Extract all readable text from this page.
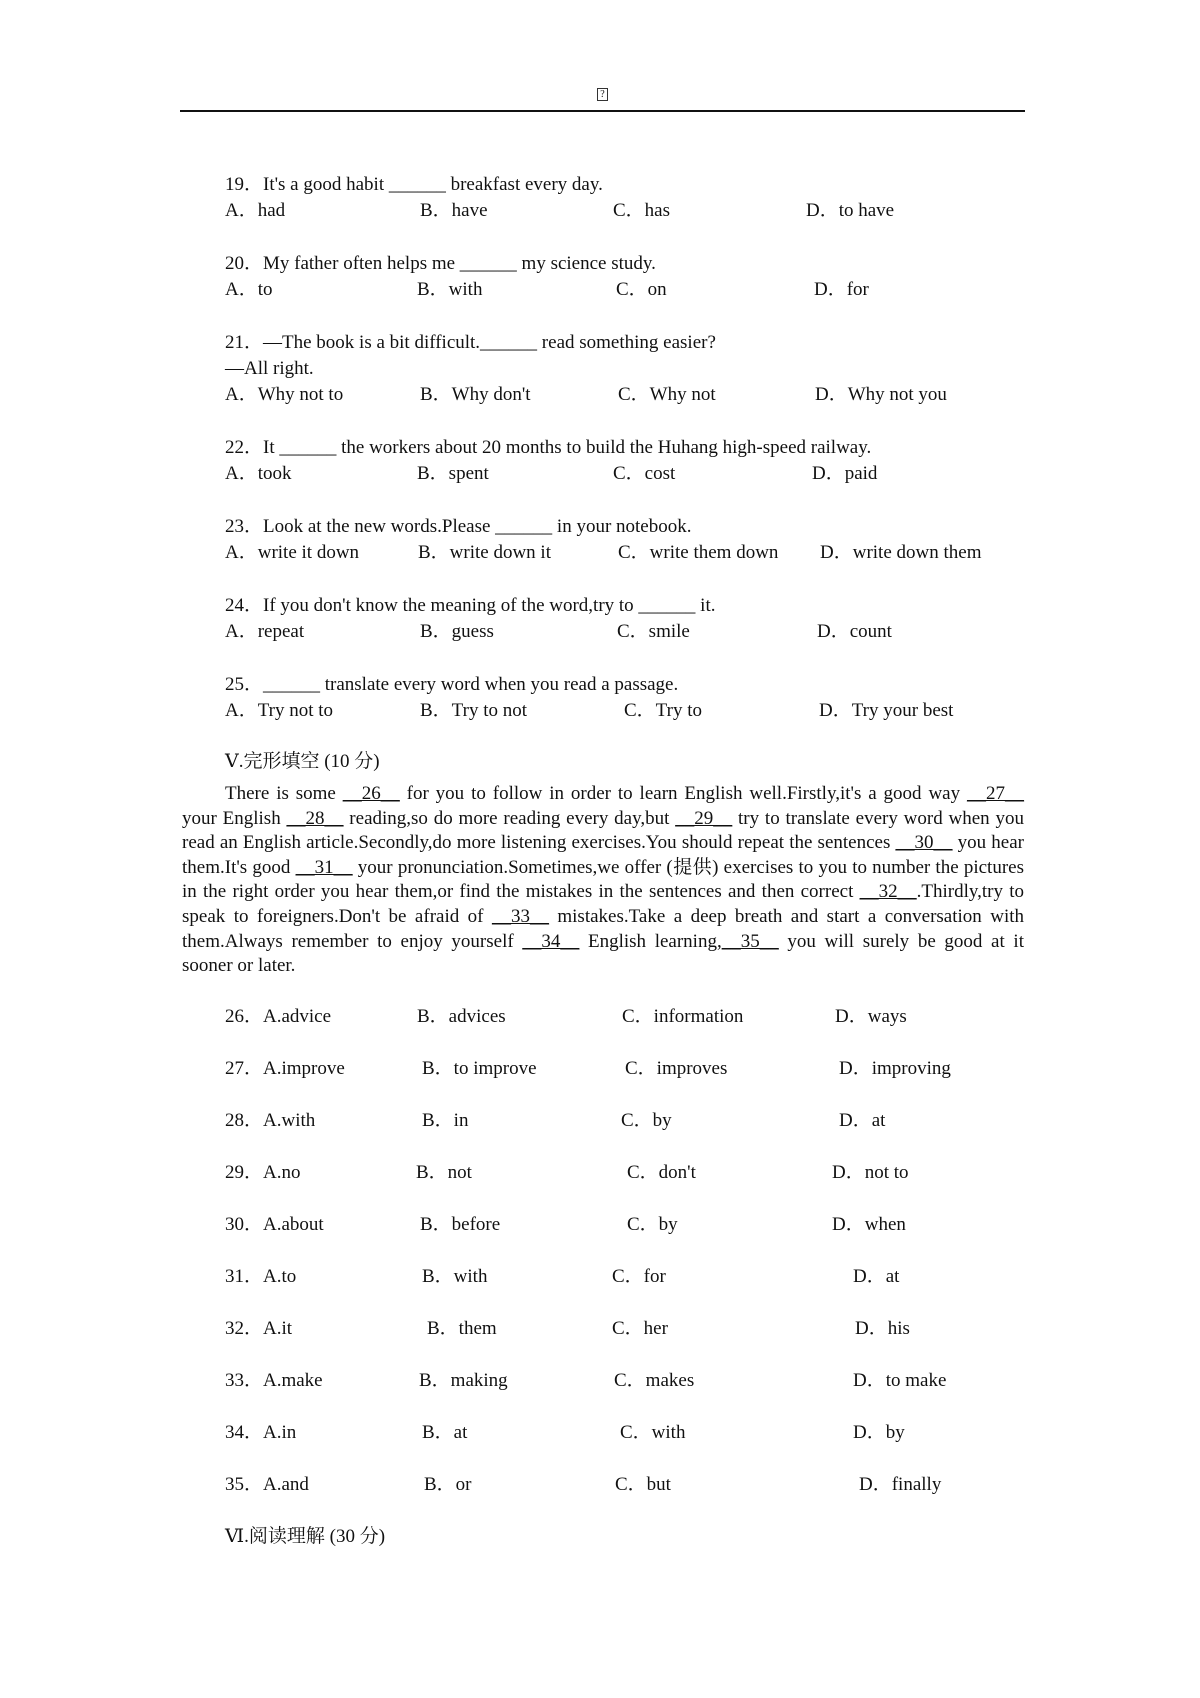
?
19．It's a good habit ______ breakfast every day.
A．had	B．have	C．has	D．to have
20．My father often helps me ______ my science study.
A．to	B．with	C．on	D．for
21．—The book is a bit difficult.______ read something easier?
—All right.
A．Why not to	B．Why don't	C．Why not	D．Why not you
22．It ______ the workers about 20 months to build the Huhang high-speed railway.
A．took	B．spent	C．cost	D．paid
23．Look at the new words.Please ______ in your notebook.
A．write it down	B．write down it	C．write them down D．write down them
24．If you don't know the meaning of the word,try to ______ it.
A．repeat	B．guess	C．smile	D．count
25．______ translate every word when you read a passage.
A．Try not to	B．Try to not	C．Try to	D．Try your best
Ⅴ.完形填空 (10 分)

There is some __26__ for you to follow in order to learn English well.Firstly,it's a good way __27__ your English __28__ reading,so do more reading every day,but __29__ try to translate every word when you read an English article.Secondly,do more listening exercises.You should repeat the sentences __30__ you hear them.It's good __31__ your pronunciation.Sometimes,we offer (提供) exercises to you to number the pictures in the right order you hear them,or find the mistakes in the sentences and then correct __32__.Thirdly,try to speak to foreigners.Don't be afraid of __33__ mistakes.Take a deep breath and start a conversation with them.Always remember to enjoy yourself __34__ English learning,__35__ you will surely be good at it sooner or later.

26．A.advice	B．advices	C．information	D．ways
27．A.improve	B．to improve	C．improves	D．improving
28．A.with	B．in	C．by	D．at
29．A.no	B．not	C．don't	D．not to
30．A.about	B．before	C．by	D．when
31．A.to	B．with	C．for	D．at
32．A.it	B．them	C．her	D．his
33．A.make	B．making	C．makes	D．to make
34．A.in	B．at	C．with	D．by
35．A.and	B．or	C．but	D．finally
Ⅵ.阅读理解 (30 分)
